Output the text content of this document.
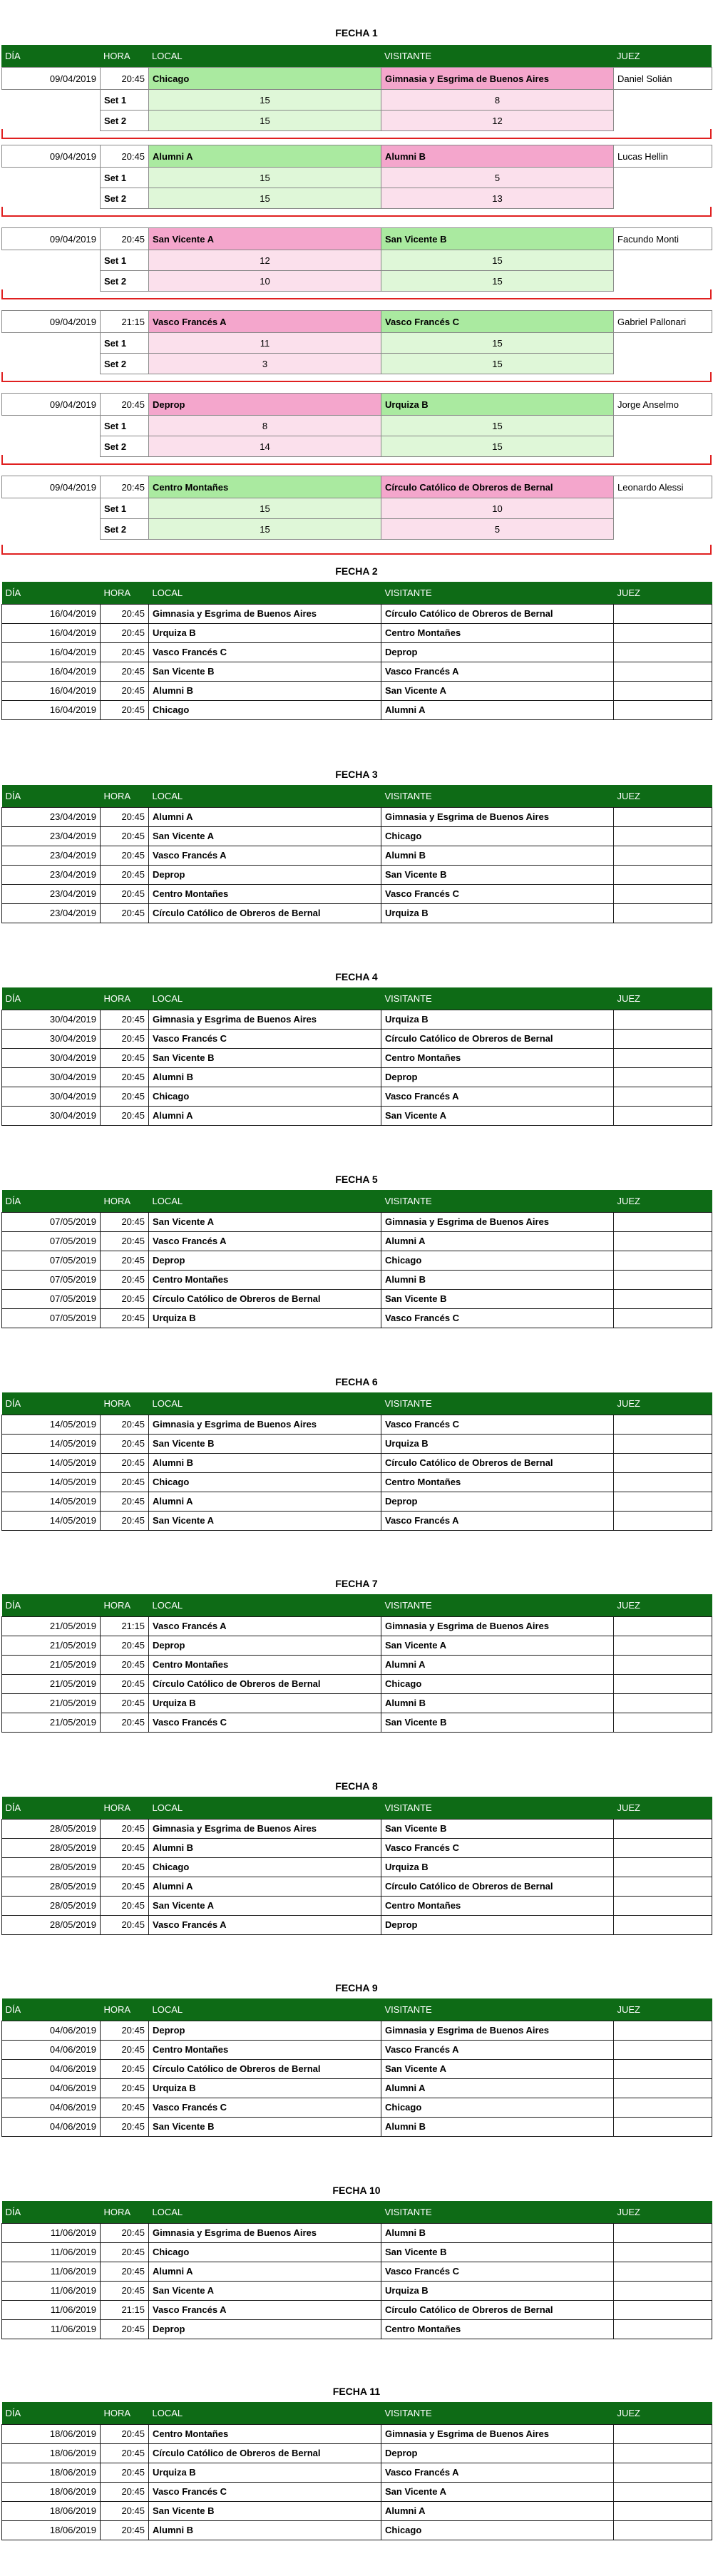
FECHA 1
DÍA	HORA	LOCAL	VISITANTE	JUEZ
09/04/2019	20:45	Chicago	Gimnasia y Esgrima de Buenos Aires	Daniel Solián
	Set 1	15	8	
	Set 2	15	12	
09/04/2019	20:45	Alumni A	Alumni B	Lucas Hellin
	Set 1	15	5	
	Set 2	15	13	
09/04/2019	20:45	San Vicente A	San Vicente B	Facundo Monti
	Set 1	12	15	
	Set 2	10	15	
09/04/2019	21:15	Vasco Francés A	Vasco Francés C	Gabriel Pallonari
	Set 1	11	15	
	Set 2	3	15	
09/04/2019	20:45	Deprop	Urquiza B	Jorge Anselmo
	Set 1	8	15	
	Set 2	14	15	
09/04/2019	20:45	Centro Montañes	Círculo Católico de Obreros de Bernal	Leonardo Alessi
	Set 1	15	10	
	Set 2	15	5	
FECHA 2
DÍA	HORA	LOCAL	VISITANTE	JUEZ
16/04/2019	20:45	Gimnasia y Esgrima de Buenos Aires	Círculo Católico de Obreros de Bernal	
16/04/2019	20:45	Urquiza B	Centro Montañes	
16/04/2019	20:45	Vasco Francés C	Deprop	
16/04/2019	20:45	San Vicente B	Vasco Francés A	
16/04/2019	20:45	Alumni B	San Vicente A	
16/04/2019	20:45	Chicago	Alumni A	
FECHA 3
DÍA	HORA	LOCAL	VISITANTE	JUEZ
23/04/2019	20:45	Alumni A	Gimnasia y Esgrima de Buenos Aires	
23/04/2019	20:45	San Vicente A	Chicago	
23/04/2019	20:45	Vasco Francés A	Alumni B	
23/04/2019	20:45	Deprop	San Vicente B	
23/04/2019	20:45	Centro Montañes	Vasco Francés C	
23/04/2019	20:45	Círculo Católico de Obreros de Bernal	Urquiza B	
FECHA 4
DÍA	HORA	LOCAL	VISITANTE	JUEZ
30/04/2019	20:45	Gimnasia y Esgrima de Buenos Aires	Urquiza B	
30/04/2019	20:45	Vasco Francés C	Círculo Católico de Obreros de Bernal	
30/04/2019	20:45	San Vicente B	Centro Montañes	
30/04/2019	20:45	Alumni B	Deprop	
30/04/2019	20:45	Chicago	Vasco Francés A	
30/04/2019	20:45	Alumni A	San Vicente A	
FECHA 5
DÍA	HORA	LOCAL	VISITANTE	JUEZ
07/05/2019	20:45	San Vicente A	Gimnasia y Esgrima de Buenos Aires	
07/05/2019	20:45	Vasco Francés A	Alumni A	
07/05/2019	20:45	Deprop	Chicago	
07/05/2019	20:45	Centro Montañes	Alumni B	
07/05/2019	20:45	Círculo Católico de Obreros de Bernal	San Vicente B	
07/05/2019	20:45	Urquiza B	Vasco Francés C	
FECHA 6
DÍA	HORA	LOCAL	VISITANTE	JUEZ
14/05/2019	20:45	Gimnasia y Esgrima de Buenos Aires	Vasco Francés C	
14/05/2019	20:45	San Vicente B	Urquiza B	
14/05/2019	20:45	Alumni B	Círculo Católico de Obreros de Bernal	
14/05/2019	20:45	Chicago	Centro Montañes	
14/05/2019	20:45	Alumni A	Deprop	
14/05/2019	20:45	San Vicente A	Vasco Francés A	
FECHA 7
DÍA	HORA	LOCAL	VISITANTE	JUEZ
21/05/2019	21:15	Vasco Francés A	Gimnasia y Esgrima de Buenos Aires	
21/05/2019	20:45	Deprop	San Vicente A	
21/05/2019	20:45	Centro Montañes	Alumni A	
21/05/2019	20:45	Círculo Católico de Obreros de Bernal	Chicago	
21/05/2019	20:45	Urquiza B	Alumni B	
21/05/2019	20:45	Vasco Francés C	San Vicente B	
FECHA 8
DÍA	HORA	LOCAL	VISITANTE	JUEZ
28/05/2019	20:45	Gimnasia y Esgrima de Buenos Aires	San Vicente B	
28/05/2019	20:45	Alumni B	Vasco Francés C	
28/05/2019	20:45	Chicago	Urquiza B	
28/05/2019	20:45	Alumni A	Círculo Católico de Obreros de Bernal	
28/05/2019	20:45	San Vicente A	Centro Montañes	
28/05/2019	20:45	Vasco Francés A	Deprop	
FECHA 9
DÍA	HORA	LOCAL	VISITANTE	JUEZ
04/06/2019	20:45	Deprop	Gimnasia y Esgrima de Buenos Aires	
04/06/2019	20:45	Centro Montañes	Vasco Francés A	
04/06/2019	20:45	Círculo Católico de Obreros de Bernal	San Vicente A	
04/06/2019	20:45	Urquiza B	Alumni A	
04/06/2019	20:45	Vasco Francés C	Chicago	
04/06/2019	20:45	San Vicente B	Alumni B	
FECHA 10
DÍA	HORA	LOCAL	VISITANTE	JUEZ
11/06/2019	20:45	Gimnasia y Esgrima de Buenos Aires	Alumni B	
11/06/2019	20:45	Chicago	San Vicente B	
11/06/2019	20:45	Alumni A	Vasco Francés C	
11/06/2019	20:45	San Vicente A	Urquiza B	
11/06/2019	21:15	Vasco Francés A	Círculo Católico de Obreros de Bernal	
11/06/2019	20:45	Deprop	Centro Montañes	
FECHA 11
DÍA	HORA	LOCAL	VISITANTE	JUEZ
18/06/2019	20:45	Centro Montañes	Gimnasia y Esgrima de Buenos Aires	
18/06/2019	20:45	Círculo Católico de Obreros de Bernal	Deprop	
18/06/2019	20:45	Urquiza B	Vasco Francés A	
18/06/2019	20:45	Vasco Francés C	San Vicente A	
18/06/2019	20:45	San Vicente B	Alumni A	
18/06/2019	20:45	Alumni B	Chicago	
